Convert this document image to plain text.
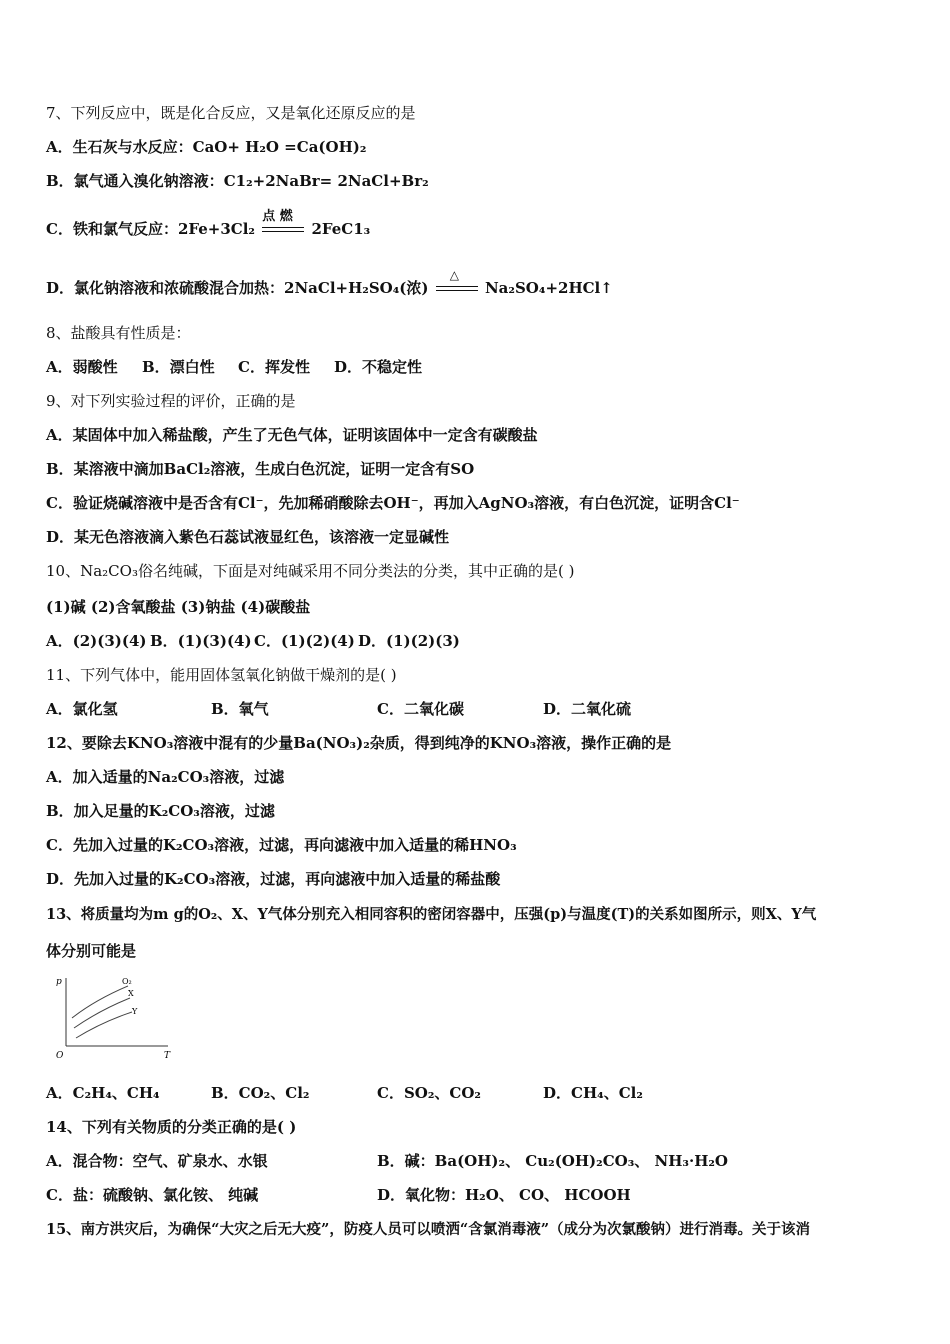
7、下列反应中，既是化合反应，又是氧化还原反应的是
A．生石灰与水反应：CaO+ H₂O =Ca(OH)₂
B．氯气通入溴化钠溶液：C1₂+2NaBr= 2NaCl+Br₂
C．铁和氯气反应：2Fe+3Cl₂
点 燃
2FeC1₃
D．氯化钠溶液和浓硫酸混合加热：2NaCl+H₂SO₄(浓)
△
Na₂SO₄+2HCl↑
8、盐酸具有性质是：
A．弱酸性 B．漂白性 C．挥发性 D．不稳定性
9、对下列实验过程的评价，正确的是
A．某固体中加入稀盐酸，产生了无色气体，证明该固体中一定含有碳酸盐
B．某溶液中滴加BaCl₂溶液，生成白色沉淀，证明一定含有SO
C．验证烧碱溶液中是否含有Cl⁻，先加稀硝酸除去OH⁻，再加入AgNO₃溶液，有白色沉淀，证明含Cl⁻
D．某无色溶液滴入紫色石蕊试液显红色，该溶液一定显碱性
10、Na₂CO₃俗名纯碱，下面是对纯碱采用不同分类法的分类，其中正确的是( )
(1)碱 (2)含氧酸盐 (3)钠盐 (4)碳酸盐
A．(2)(3)(4) B．(1)(3)(4) C．(1)(2)(4) D．(1)(2)(3)
11、下列气体中，能用固体氢氧化钠做干燥剂的是( )
A．氯化氢	B．氧气	C．二氧化碳	D．二氧化硫
12、要除去KNO₃溶液中混有的少量Ba(NO₃)₂杂质，得到纯净的KNO₃溶液，操作正确的是
A．加入适量的Na₂CO₃溶液，过滤
B．加入足量的K₂CO₃溶液，过滤
C．先加入过量的K₂CO₃溶液，过滤，再向滤液中加入适量的稀HNO₃
D．先加入过量的K₂CO₃溶液，过滤，再向滤液中加入适量的稀盐酸
13、将质量均为m g的O₂、X、Y气体分别充入相同容积的密闭容器中，压强(p)与温度(T)的关系如图所示，则X、Y气
体分别可能是
p
T
O
O₂
X
Y
A．C₂H₄、CH₄	B．CO₂、Cl₂	C．SO₂、CO₂	D．CH₄、Cl₂
14、下列有关物质的分类正确的是( )
A．混合物：空气、矿泉水、水银	B．碱：Ba(OH)₂、 Cu₂(OH)₂CO₃、 NH₃·H₂O
C．盐：硫酸钠、氯化铵、 纯碱	D．氧化物：H₂O、 CO、 HCOOH
15、南方洪灾后，为确保“大灾之后无大疫”，防疫人员可以喷洒“含氯消毒液”（成分为次氯酸钠）进行消毒。关于该消
